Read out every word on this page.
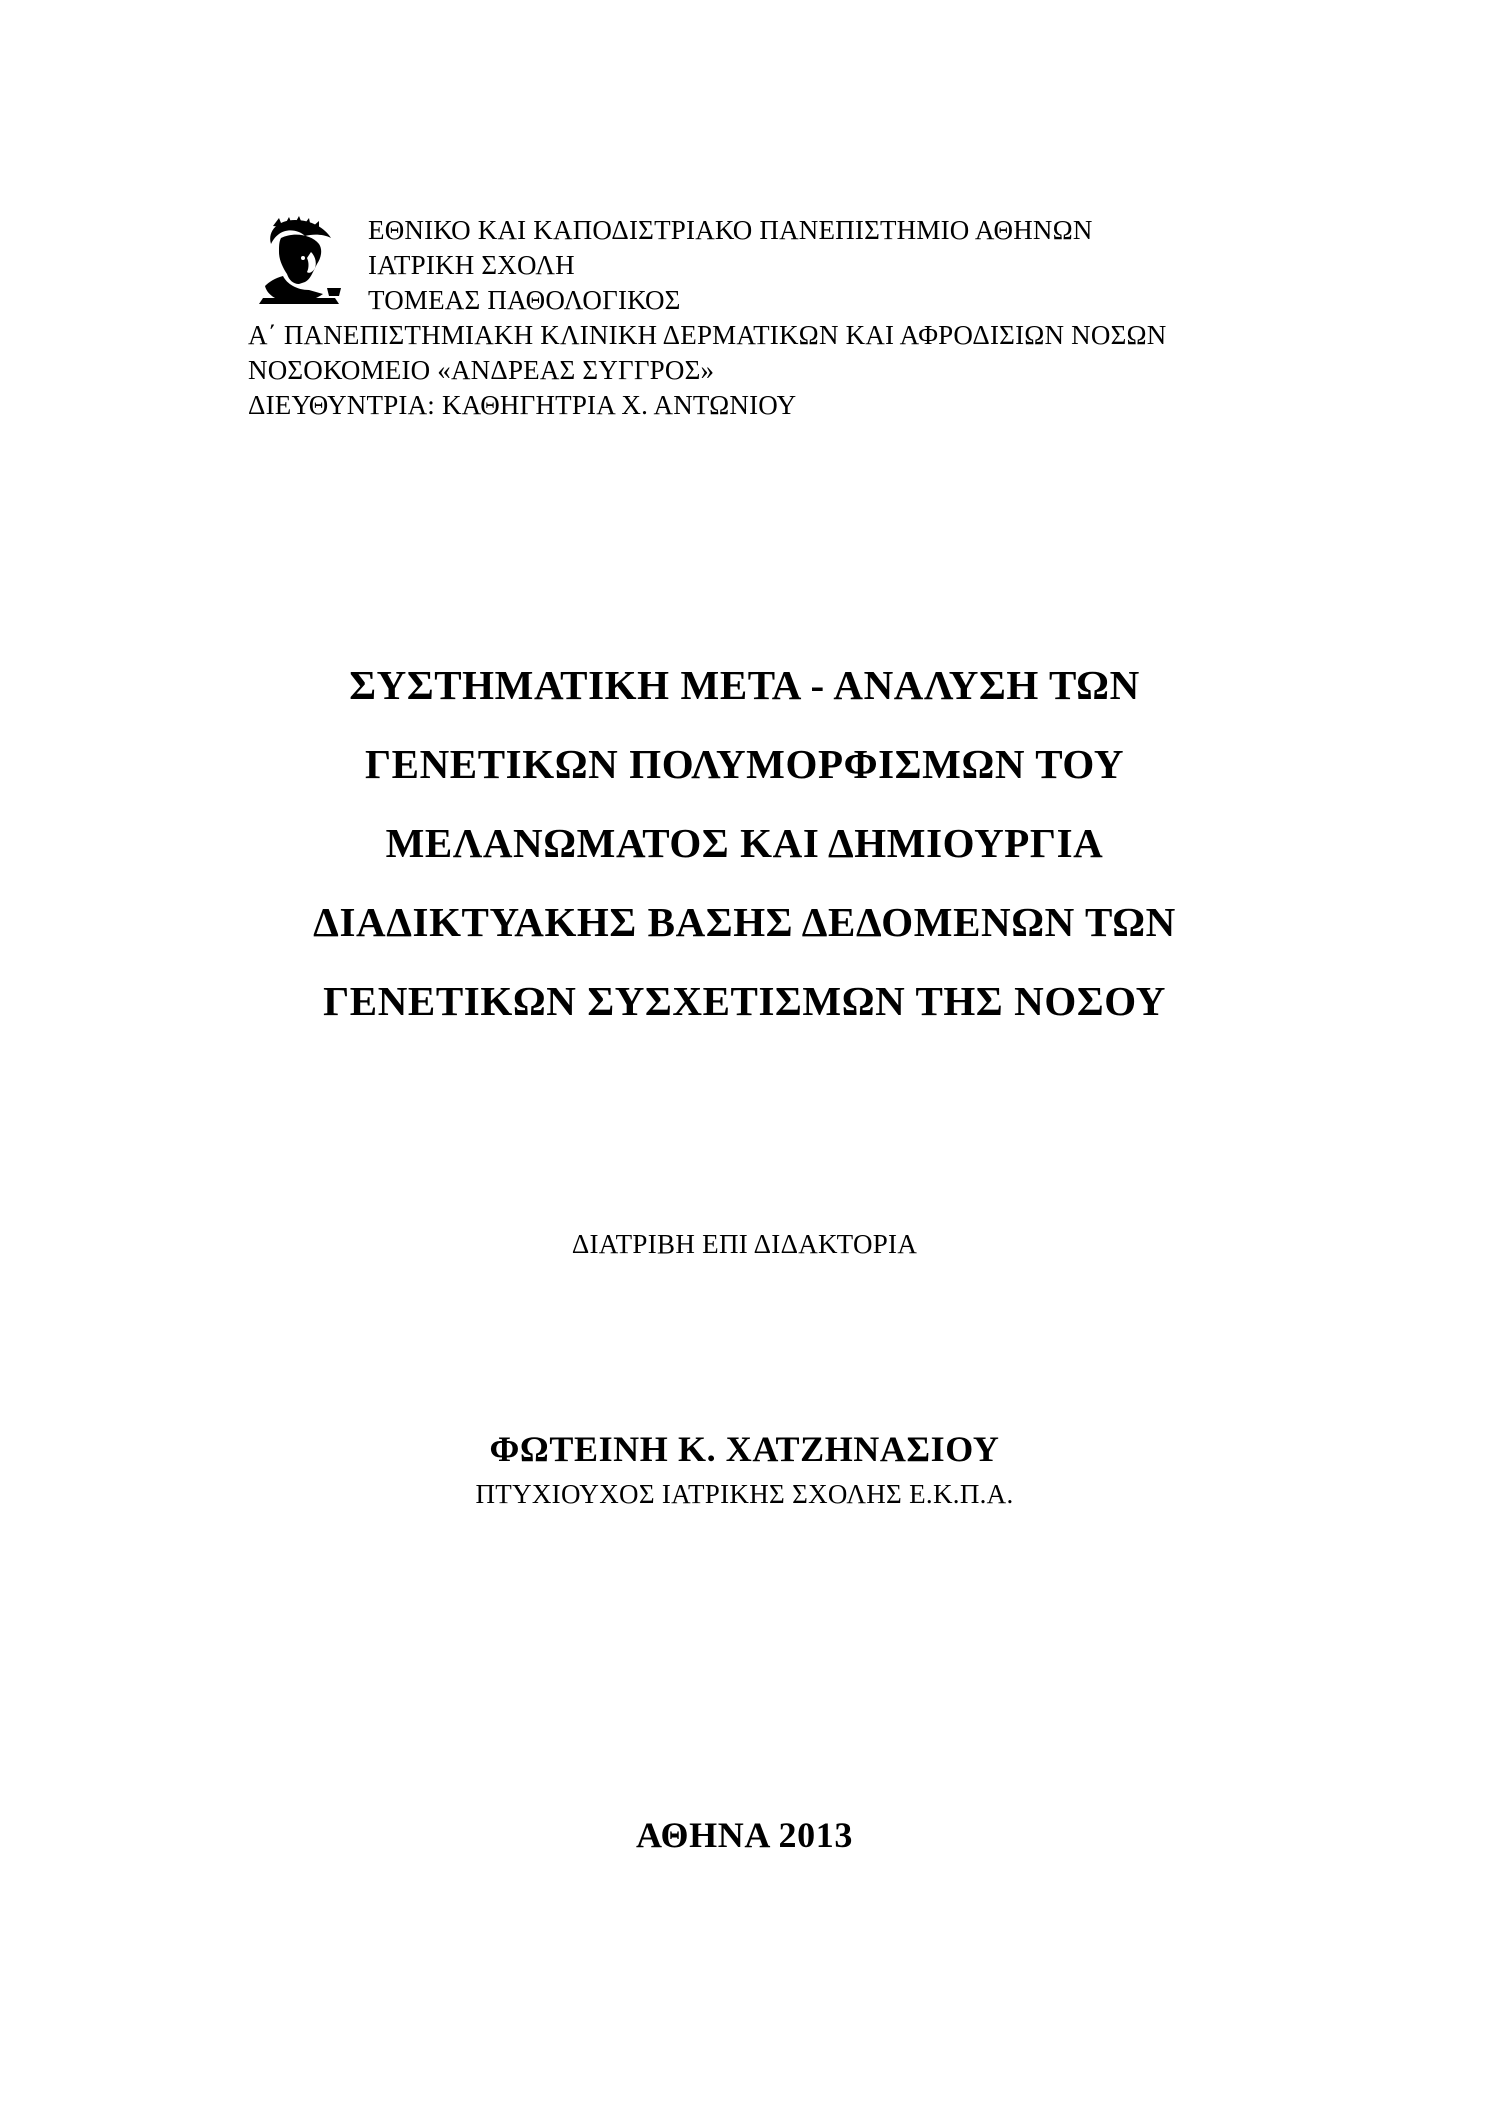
ΕΘΝΙΚΟ ΚΑΙ ΚΑΠΟΔΙΣΤΡΙΑΚΟ ΠΑΝΕΠΙΣΤΗΜΙΟ ΑΘΗΝΩΝ
ΙΑΤΡΙΚΗ ΣΧΟΛΗ
ΤΟΜΕΑΣ ΠΑΘΟΛΟΓΙΚΟΣ
Α΄ ΠΑΝΕΠΙΣΤΗΜΙΑΚΗ ΚΛΙΝΙΚΗ ΔΕΡΜΑΤΙΚΩΝ ΚΑΙ ΑΦΡΟΔΙΣΙΩΝ ΝΟΣΩΝ
ΝΟΣΟΚΟΜΕΙΟ «ΑΝΔΡΕΑΣ ΣΥΓΓΡΟΣ»
ΔΙΕΥΘΥΝΤΡΙΑ: ΚΑΘΗΓΗΤΡΙΑ Χ. ΑΝΤΩΝΙΟΥ
ΣΥΣΤΗΜΑΤΙΚΗ ΜΕΤΑ - ΑΝΑΛΥΣΗ ΤΩΝ
ΓΕΝΕΤΙΚΩΝ ΠΟΛΥΜΟΡΦΙΣΜΩΝ ΤΟΥ
ΜΕΛΑΝΩΜΑΤΟΣ ΚΑΙ ΔΗΜΙΟΥΡΓΙΑ
ΔΙΑΔΙΚΤΥΑΚΗΣ ΒΑΣΗΣ ΔΕΔΟΜΕΝΩΝ ΤΩΝ
ΓΕΝΕΤΙΚΩΝ ΣΥΣΧΕΤΙΣΜΩΝ ΤΗΣ ΝΟΣΟΥ
ΔΙΑΤΡΙΒΗ ΕΠΙ ΔΙΔΑΚΤΟΡΙΑ
ΦΩΤΕΙΝΗ Κ. ΧΑΤΖΗΝΑΣΙΟΥ
ΠΤΥΧΙΟΥΧΟΣ ΙΑΤΡΙΚΗΣ ΣΧΟΛΗΣ Ε.Κ.Π.Α.
ΑΘΗΝΑ 2013
